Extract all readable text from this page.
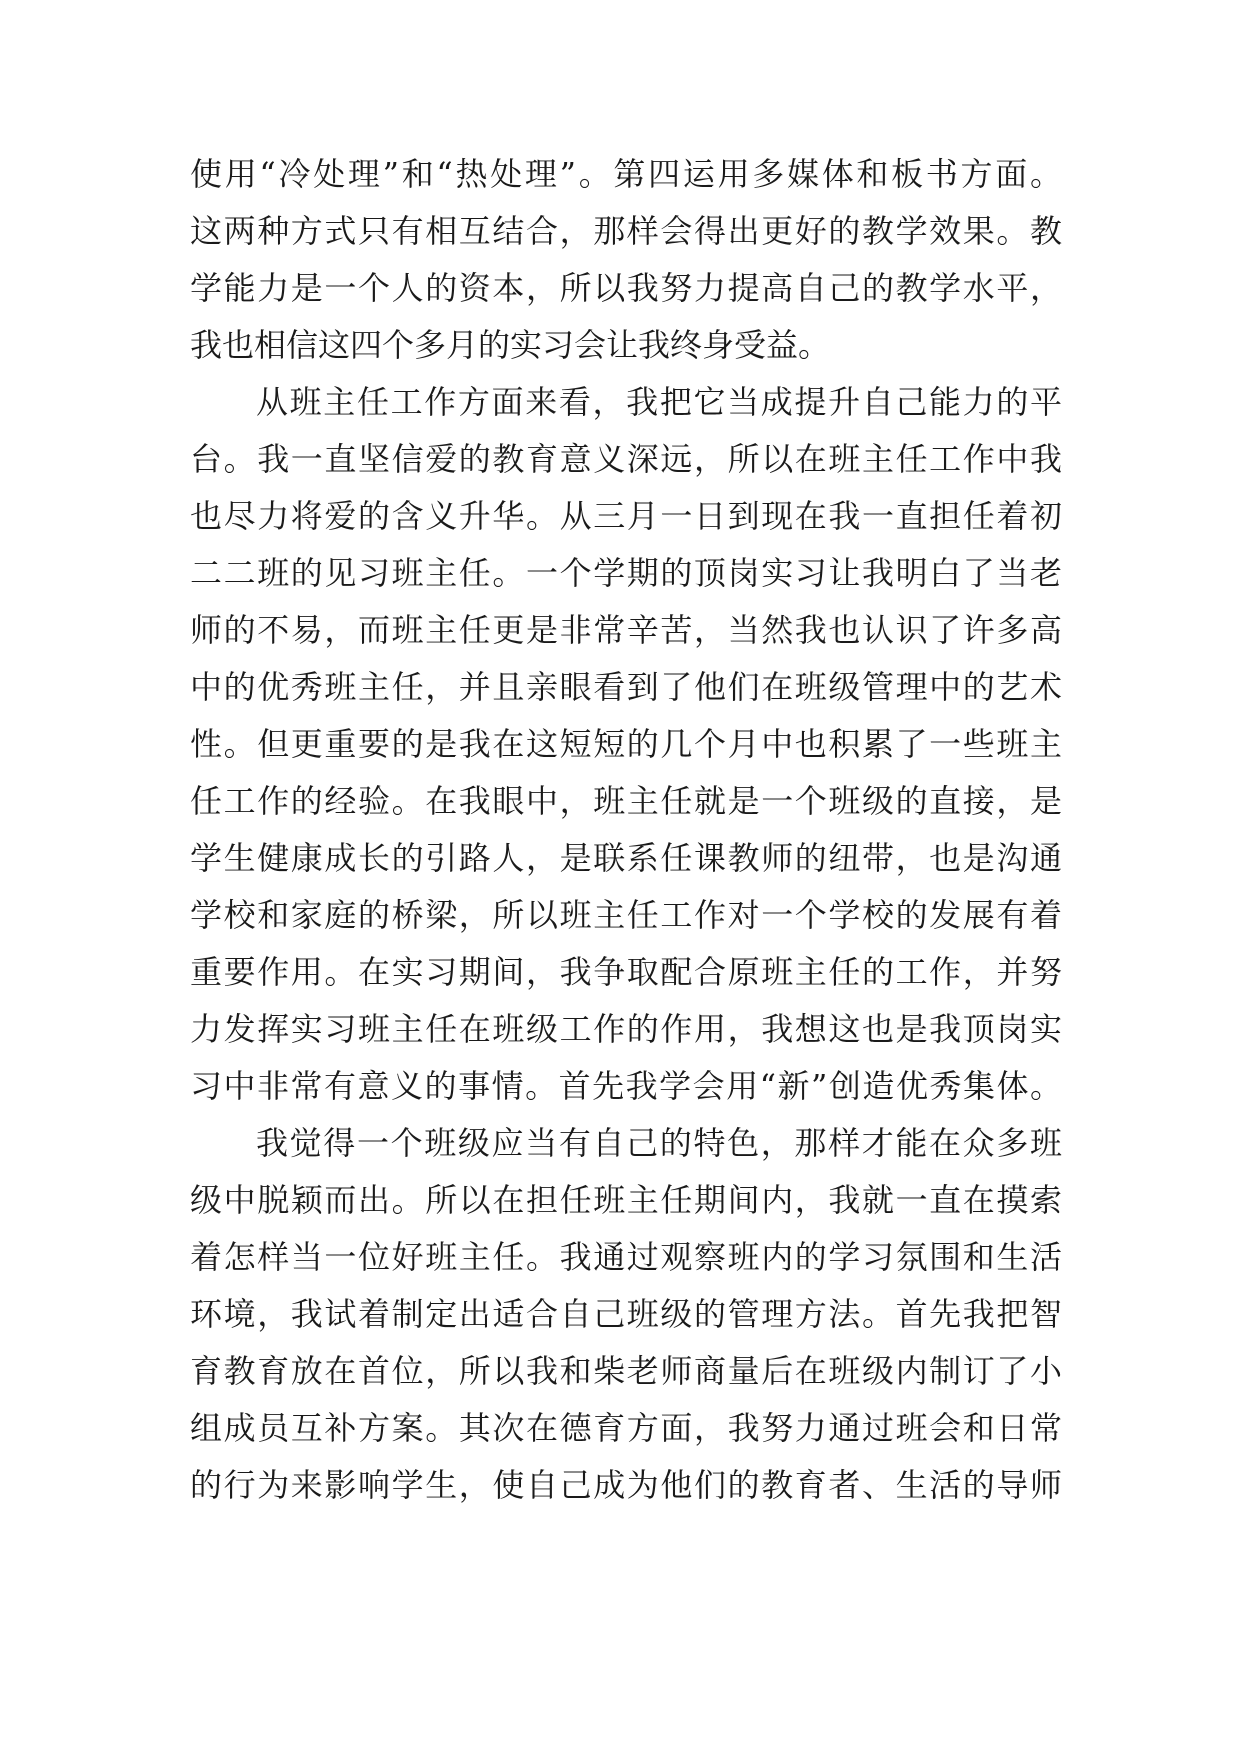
使用“冷处理”和“热处理”。第四运用多媒体和板书方面。
这两种方式只有相互结合，那样会得出更好的教学效果。教
学能力是一个人的资本，所以我努力提高自己的教学水平，
我也相信这四个多月的实习会让我终身受益。
从班主任工作方面来看，我把它当成提升自己能力的平
台。我一直坚信爱的教育意义深远，所以在班主任工作中我
也尽力将爱的含义升华。从三月一日到现在我一直担任着初
二二班的见习班主任。一个学期的顶岗实习让我明白了当老
师的不易，而班主任更是非常辛苦，当然我也认识了许多高
中的优秀班主任，并且亲眼看到了他们在班级管理中的艺术
性。但更重要的是我在这短短的几个月中也积累了一些班主
任工作的经验。在我眼中，班主任就是一个班级的直接，是
学生健康成长的引路人，是联系任课教师的纽带，也是沟通
学校和家庭的桥梁，所以班主任工作对一个学校的发展有着
重要作用。在实习期间，我争取配合原班主任的工作，并努
力发挥实习班主任在班级工作的作用，我想这也是我顶岗实
习中非常有意义的事情。首先我学会用“新”创造优秀集体。
我觉得一个班级应当有自己的特色，那样才能在众多班
级中脱颖而出。所以在担任班主任期间内，我就一直在摸索
着怎样当一位好班主任。我通过观察班内的学习氛围和生活
环境，我试着制定出适合自己班级的管理方法。首先我把智
育教育放在首位，所以我和柴老师商量后在班级内制订了小
组成员互补方案。其次在德育方面，我努力通过班会和日常
的行为来影响学生，使自己成为他们的教育者、生活的导师
